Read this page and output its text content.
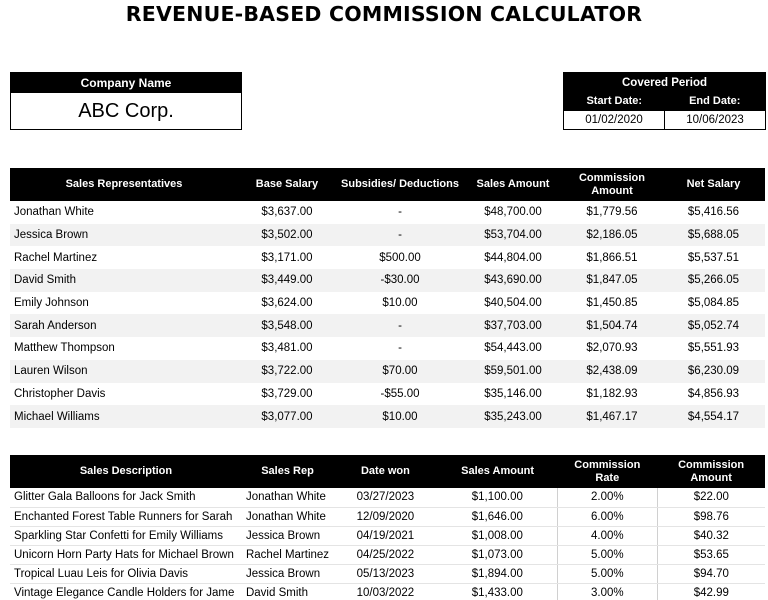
REVENUE-BASED COMMISSION CALCULATOR
Company Name
ABC Corp.
Covered Period
Start Date:	End Date:
01/02/2020	10/06/2023
Sales Representatives	Base Salary	Subsidies/ Deductions	Sales Amount	Commission Amount	Net Salary
Jonathan White	$3,637.00	-	$48,700.00	$1,779.56	$5,416.56
Jessica Brown	$3,502.00	-	$53,704.00	$2,186.05	$5,688.05
Rachel Martinez	$3,171.00	$500.00	$44,804.00	$1,866.51	$5,537.51
David Smith	$3,449.00	-$30.00	$43,690.00	$1,847.05	$5,266.05
Emily Johnson	$3,624.00	$10.00	$40,504.00	$1,450.85	$5,084.85
Sarah Anderson	$3,548.00	-	$37,703.00	$1,504.74	$5,052.74
Matthew Thompson	$3,481.00	-	$54,443.00	$2,070.93	$5,551.93
Lauren Wilson	$3,722.00	$70.00	$59,501.00	$2,438.09	$6,230.09
Christopher Davis	$3,729.00	-$55.00	$35,146.00	$1,182.93	$4,856.93
Michael Williams	$3,077.00	$10.00	$35,243.00	$1,467.17	$4,554.17
Sales Description	Sales Rep	Date won	Sales Amount	Commission Rate	Commission Amount
Glitter Gala Balloons for Jack Smith	Jonathan White	03/27/2023	$1,100.00	2.00%	$22.00
Enchanted Forest Table Runners for Sarah	Jonathan White	12/09/2020	$1,646.00	6.00%	$98.76
Sparkling Star Confetti for Emily Williams	Jessica Brown	04/19/2021	$1,008.00	4.00%	$40.32
Unicorn Horn Party Hats for Michael Brown	Rachel Martinez	04/25/2022	$1,073.00	5.00%	$53.65
Tropical Luau Leis for Olivia Davis	Jessica Brown	05/13/2023	$1,894.00	5.00%	$94.70
Vintage Elegance Candle Holders for Jame	David Smith	10/03/2022	$1,433.00	3.00%	$42.99
